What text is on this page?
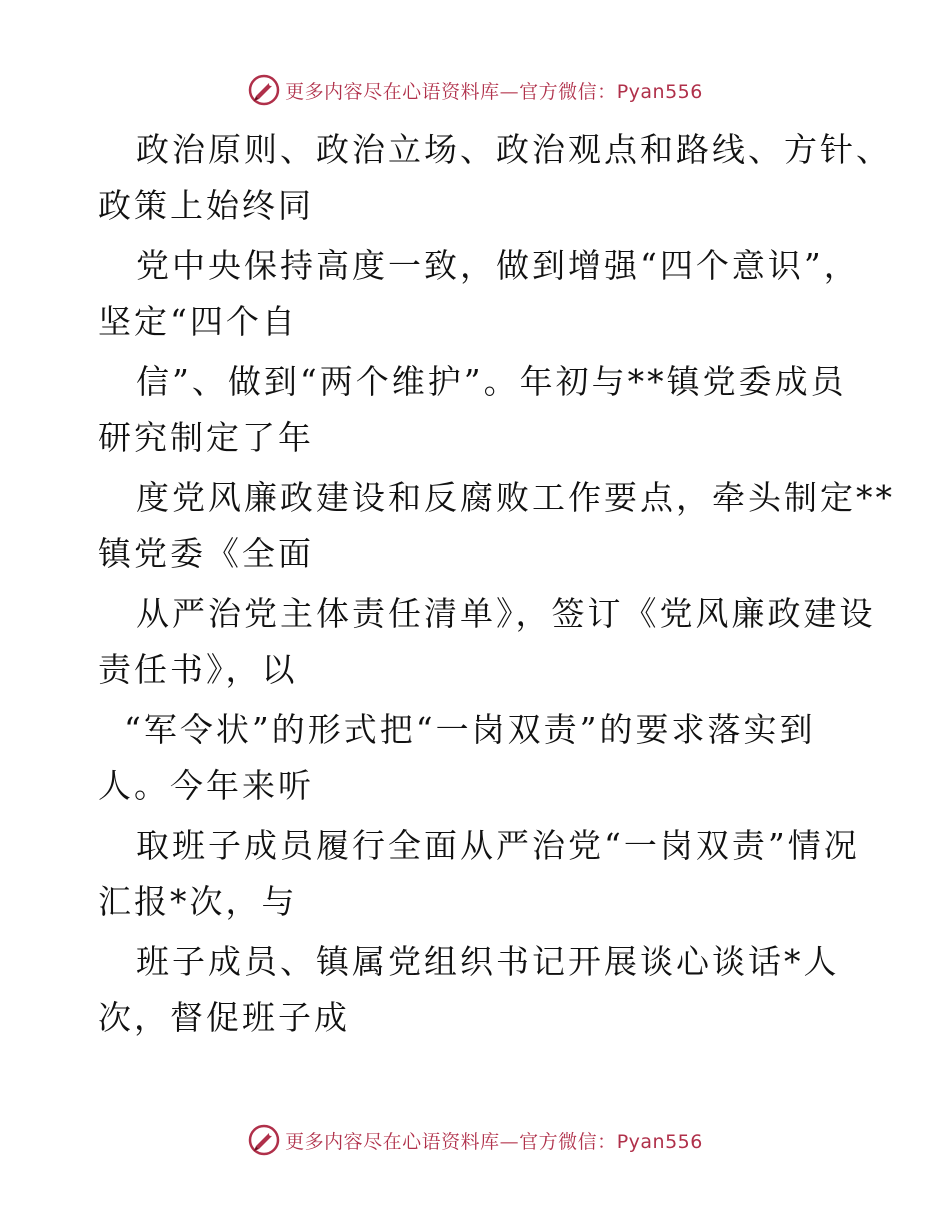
更多内容尽在心语资料库—官方微信：Pyan556
政治原则、政治立场、政治观点和路线、方针、
政策上始终同
党中央保持高度一致，做到增强“四个意识”，
坚定“四个自
信”、做到“两个维护”。年初与**镇党委成员
研究制定了年
度党风廉政建设和反腐败工作要点，牵头制定**
镇党委《全面
从严治党主体责任清单》，签订《党风廉政建设
责任书》，以
“军令状”的形式把“一岗双责”的要求落实到
人。今年来听
取班子成员履行全面从严治党“一岗双责”情况
汇报*次，与
班子成员、镇属党组织书记开展谈心谈话*人
次，督促班子成
更多内容尽在心语资料库—官方微信：Pyan556
